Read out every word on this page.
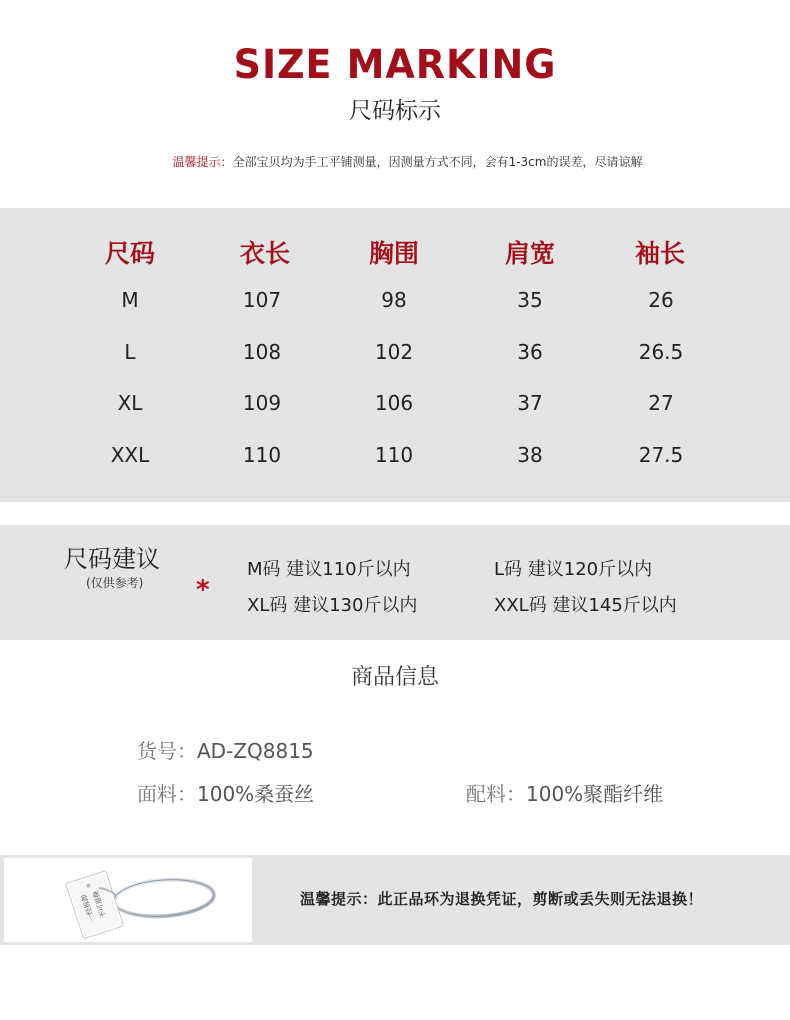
SIZE MARKING
尺码标示
温馨提示：全部宝贝均为手工平铺测量，因测量方式不同，会有1-3cm的误差，尽请谅解
尺码	衣长	胸围	肩宽	袖长
M	107	98	35	26
L	108	102	36	26.5
XL	109	106	37	27
XXL	110	110	38	27.5
尺码建议
(仅供参考) *
M码 建议110斤以内	L码 建议120斤以内
XL码 建议130斤以内	XXL码 建议145斤以内
商品信息
货号：AD-ZQ8815
面料：100%桑蚕丝	配料：100%聚酯纤维
一经拆卸
不可退换	温馨提示：此正品环为退换凭证，剪断或丢失则无法退换！
